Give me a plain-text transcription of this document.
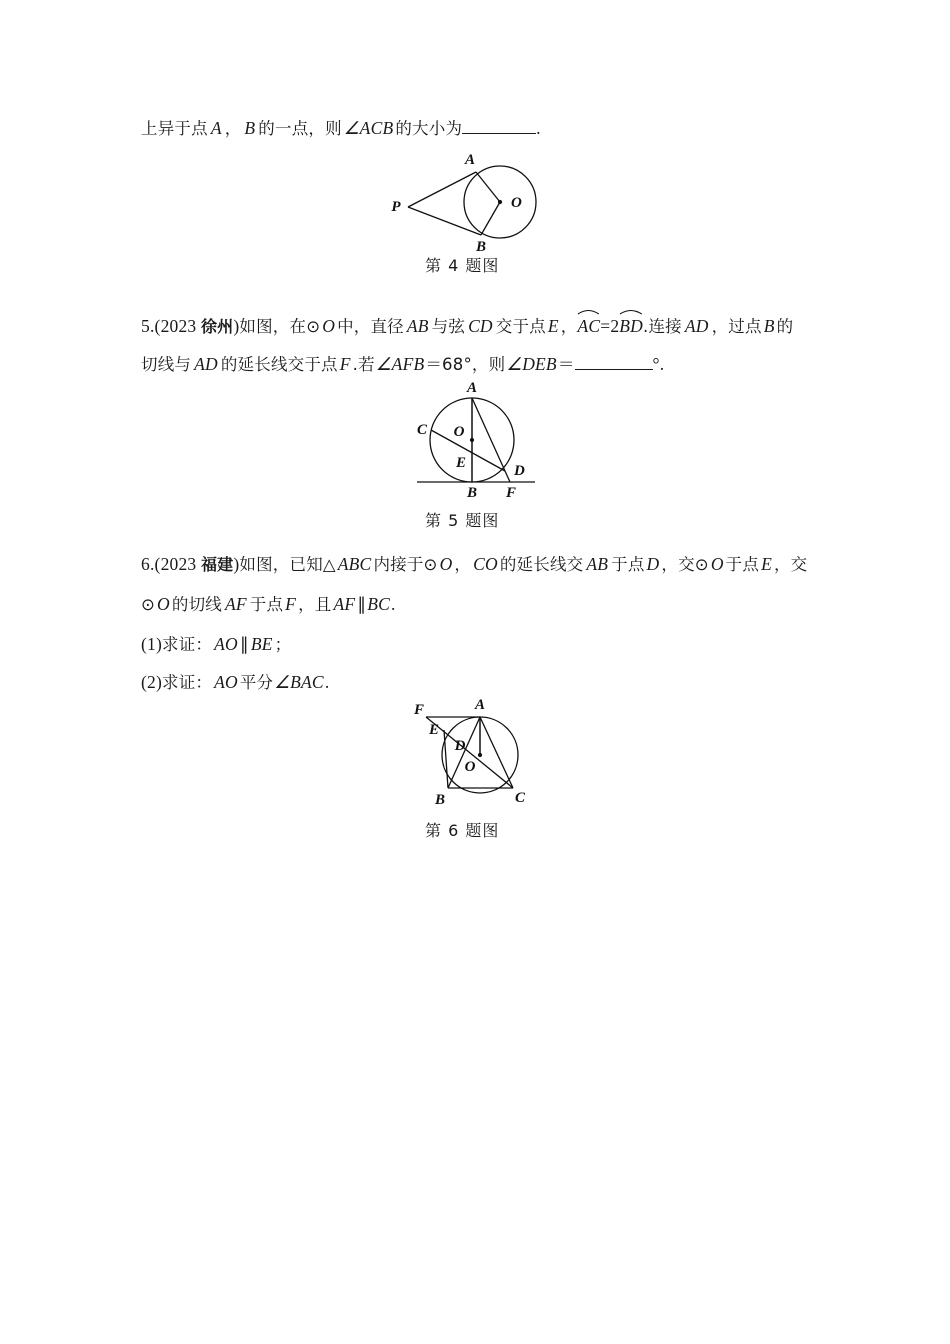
上异于点 A ， B 的一点，则 ∠ACB 的大小为	.
A
P	O
B
第 4 题图
5.(2023 徐州)如图，在⊙ O 中，直径 AB 与弦 CD 交于点 E ，
AC=2
BD.连接 AD ，过点 B 的
切线与 AD 的延长线交于点 F .若∠AFB＝68°，则∠DEB＝	°.
A
C O
E	D
B F
第 5 题图
6.(2023 福建)如图，已知△ ABC 内接于⊙ O ， CO 的延长线交 AB 于点 D ，交⊙ O 于点 E ，交
⊙ O 的切线 AF 于点 F ，且 AF ∥BC.
(1)求证： AO ∥ BE ；
(2)求证： AO 平分∠BAC.
F	A
E
D
O
B	C
第 6 题图
